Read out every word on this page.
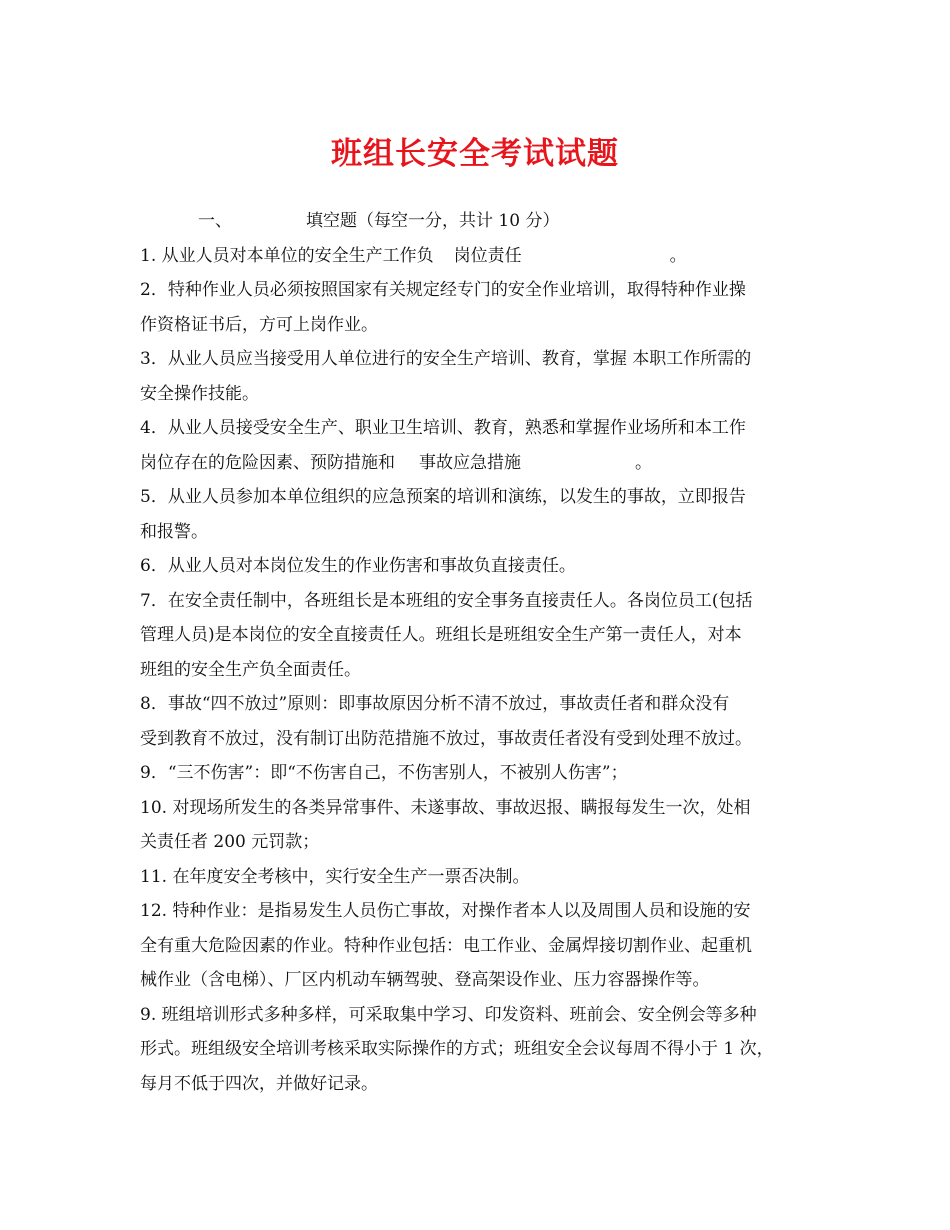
班组长安全考试试题
一、	填空题（每空一分，共计 10 分）
1. 从业人员对本单位的安全生产工作负 岗位责任	。
2．特种作业人员必须按照国家有关规定经专门的安全作业培训，取得特种作业操
作资格证书后，方可上岗作业。
3．从业人员应当接受用人单位进行的安全生产培训、教育，掌握 本职工作所需的
安全操作技能。
4．从业人员接受安全生产、职业卫生培训、教育，熟悉和掌握作业场所和本工作
岗位存在的危险因素、预防措施和 事故应急措施	。
5．从业人员参加本单位组织的应急预案的培训和演练，以发生的事故，立即报告
和报警。
6．从业人员对本岗位发生的作业伤害和事故负直接责任。
7．在安全责任制中，各班组长是本班组的安全事务直接责任人。各岗位员工(包括
管理人员)是本岗位的安全直接责任人。班组长是班组安全生产第一责任人，对本
班组的安全生产负全面责任。
8．事故“四不放过”原则：即事故原因分析不清不放过，事故责任者和群众没有
受到教育不放过，没有制订出防范措施不放过，事故责任者没有受到处理不放过。
9．“三不伤害”：即“不伤害自己，不伤害别人，不被别人伤害”；
10. 对现场所发生的各类异常事件、未遂事故、事故迟报、瞒报每发生一次，处相
关责任者 200 元罚款；
11. 在年度安全考核中，实行安全生产一票否决制。
12. 特种作业：是指易发生人员伤亡事故，对操作者本人以及周围人员和设施的安
全有重大危险因素的作业。特种作业包括：电工作业、金属焊接切割作业、起重机
械作业（含电梯）、厂区内机动车辆驾驶、登高架设作业、压力容器操作等。
9. 班组培训形式多种多样，可采取集中学习、印发资料、班前会、安全例会等多种
形式。班组级安全培训考核采取实际操作的方式；班组安全会议每周不得小于 1 次，
每月不低于四次，并做好记录。
